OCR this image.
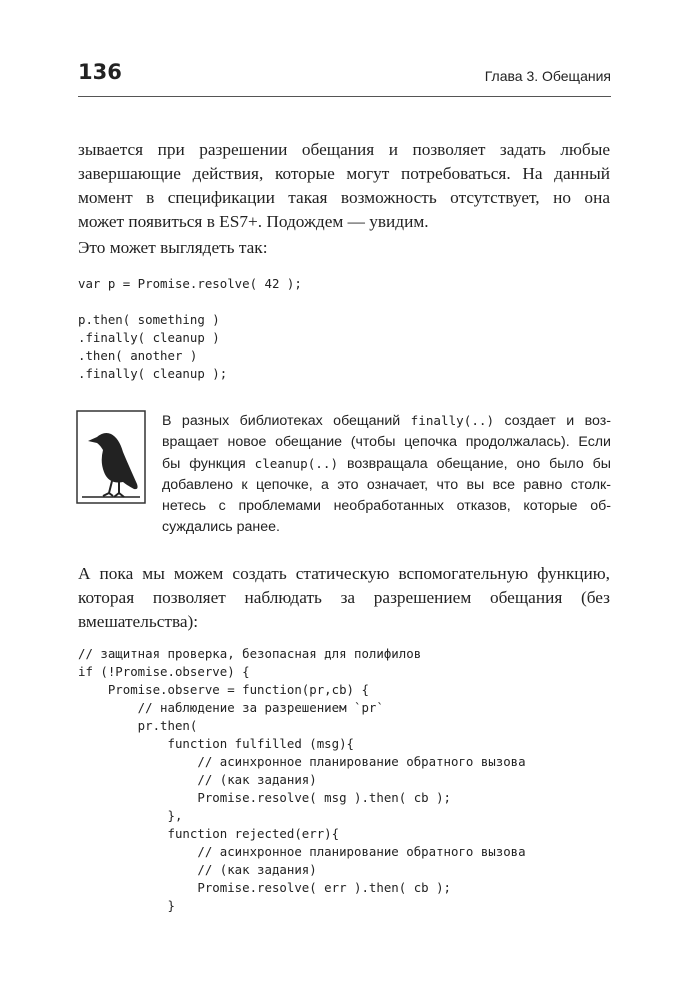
136	Глава 3. Обещания
зывается при разрешении обещания и позволяет задать любые
завершающие действия, которые могут потребоваться. На данный
момент в спецификации такая возможность отсутствует, но она
может появиться в ES7+. Подождем — увидим.
Это может выглядеть так:
var p = Promise.resolve( 42 );

p.then( something )
.finally( cleanup )
.then( another )
.finally( cleanup );
В разных библиотеках обещаний finally(..) создает и воз-
вращает новое обещание (чтобы цепочка продолжалась). Если
бы функция cleanup(..) возвращала обещание, оно было бы
добавлено к цепочке, а это означает, что вы все равно столк-
нетесь с проблемами необработанных отказов, которые об-
суждались ранее.
А пока мы можем создать статическую вспомогательную функцию,
которая позволяет наблюдать за разрешением обещания (без
вмешательства):
// защитная проверка, безопасная для полифилов
if (!Promise.observe) {
Promise.observe = function(pr,cb) {
// наблюдение за разрешением `pr`
pr.then(
function fulfilled (msg){
// асинхронное планирование обратного вызова
// (как задания)
Promise.resolve( msg ).then( cb );
},
function rejected(err){
// асинхронное планирование обратного вызова
// (как задания)
Promise.resolve( err ).then( cb );
}
